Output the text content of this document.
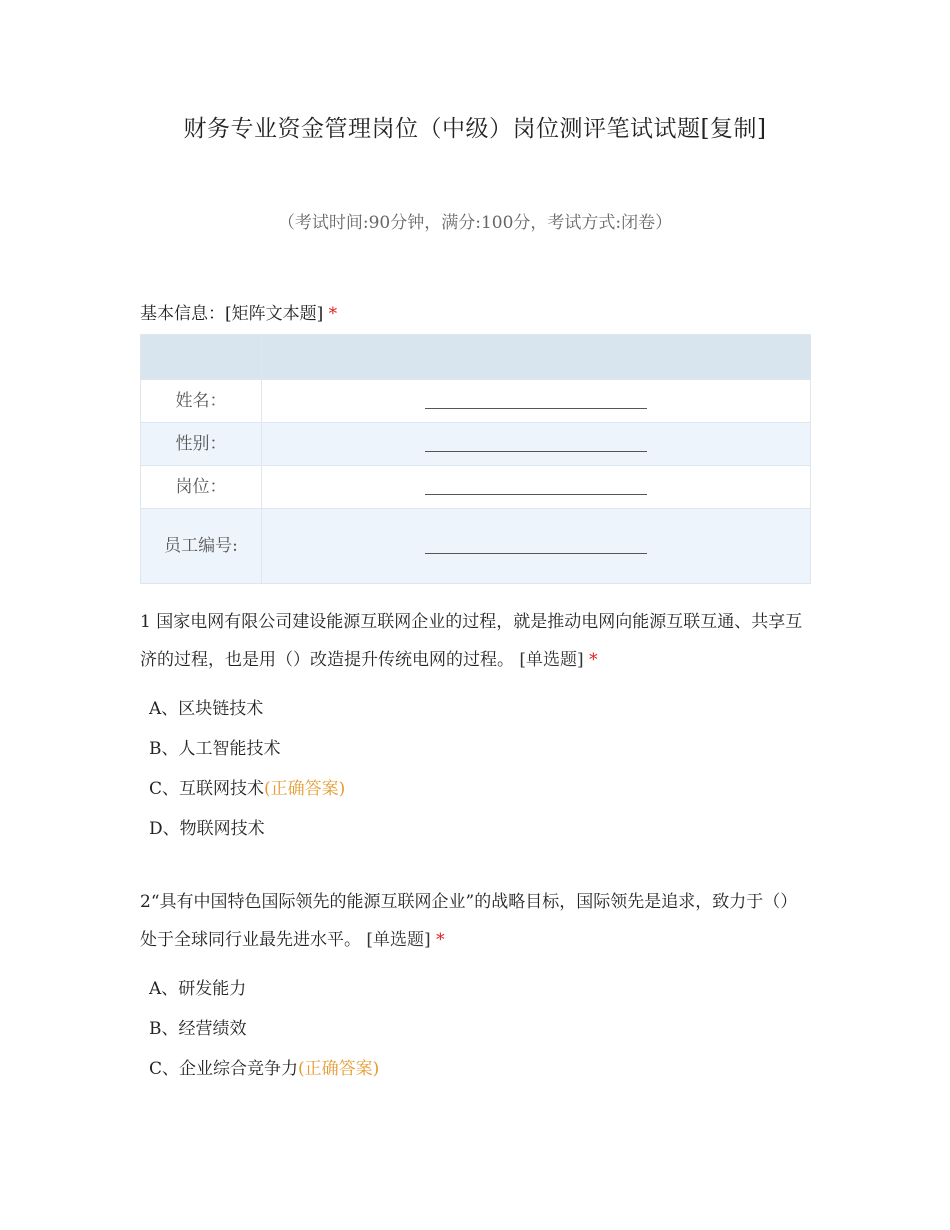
财务专业资金管理岗位（中级）岗位测评笔试试题[复制]
（考试时间:90分钟，满分:100分，考试方式:闭卷）
基本信息：[矩阵文本题] *

姓名：	
性别：	
岗位：	
员工编号:	
1 国家电网有限公司建设能源互联网企业的过程，就是推动电网向能源互联互通、共享互济的过程，也是用（）改造提升传统电网的过程。 [单选题] *
A、区块链技术
B、人工智能技术
C、互联网技术(正确答案)
D、物联网技术
2“具有中国特色国际领先的能源互联网企业”的战略目标，国际领先是追求，致力于（）处于全球同行业最先进水平。 [单选题] *
A、研发能力
B、经营绩效
C、企业综合竞争力(正确答案)
